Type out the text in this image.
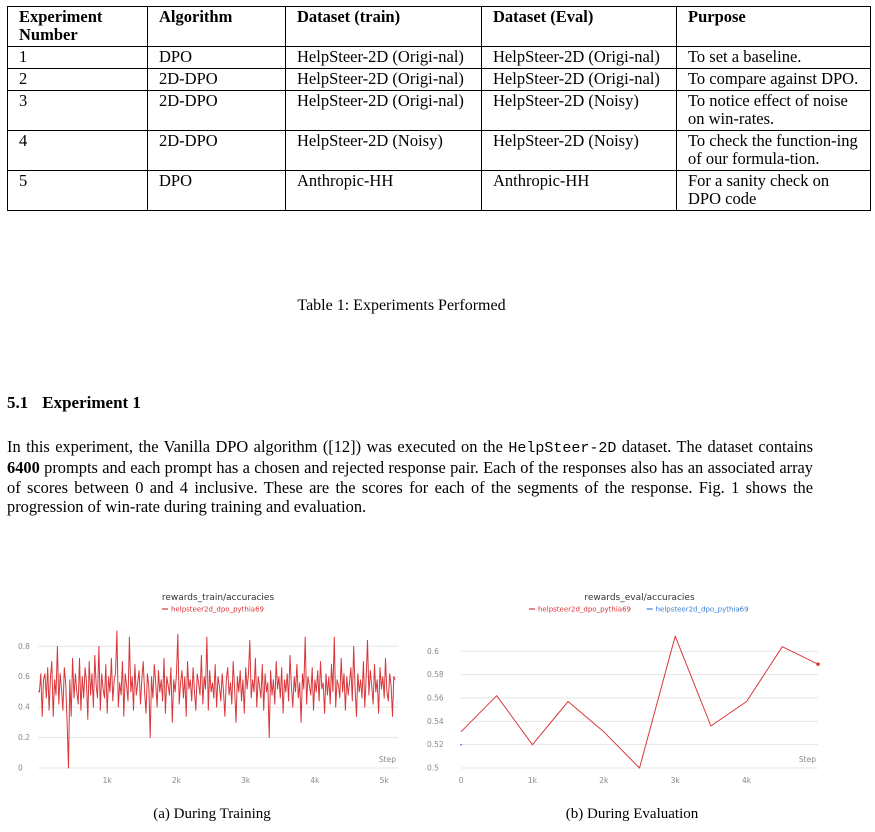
Experiment Number	Algorithm	Dataset (train)	Dataset (Eval)	Purpose
1	DPO	HelpSteer-2D (Origi-nal)	HelpSteer-2D (Origi-nal)	To set a baseline.
2	2D-DPO	HelpSteer-2D (Origi-nal)	HelpSteer-2D (Origi-nal)	To compare against DPO.
3	2D-DPO	HelpSteer-2D (Origi-nal)	HelpSteer-2D (Noisy)	To notice effect of noise on win-rates.
4	2D-DPO	HelpSteer-2D (Noisy)	HelpSteer-2D (Noisy)	To check the function-ing of our formula-tion.
5	DPO	Anthropic-HH	Anthropic-HH	For a sanity check on DPO code
Table 1: Experiments Performed
5.1 Experiment 1
In this experiment, the Vanilla DPO algorithm ([12]) was executed on the HelpSteer-2D dataset. The dataset contains 6400 prompts and each prompt has a chosen and rejected response pair. Each of the responses also has an associated array of scores between 0 and 4 inclusive. These are the scores for each of the segments of the response. Fig. 1 shows the progression of win-rate during training and evaluation.
rewards_train/accuracies
helpsteer2d_dpo_pythia69
0
0.2
0.4
0.6
0.8
1k	2k	3k	4k	5k
Step
rewards_eval/accuracies
helpsteer2d_dpo_pythia69	helpsteer2d_dpo_pythia69
0.5
0.52
0.54
0.56
0.58
0.6
0	1k	2k	3k	4k
Step
(a) During Training	(b) During Evaluation
